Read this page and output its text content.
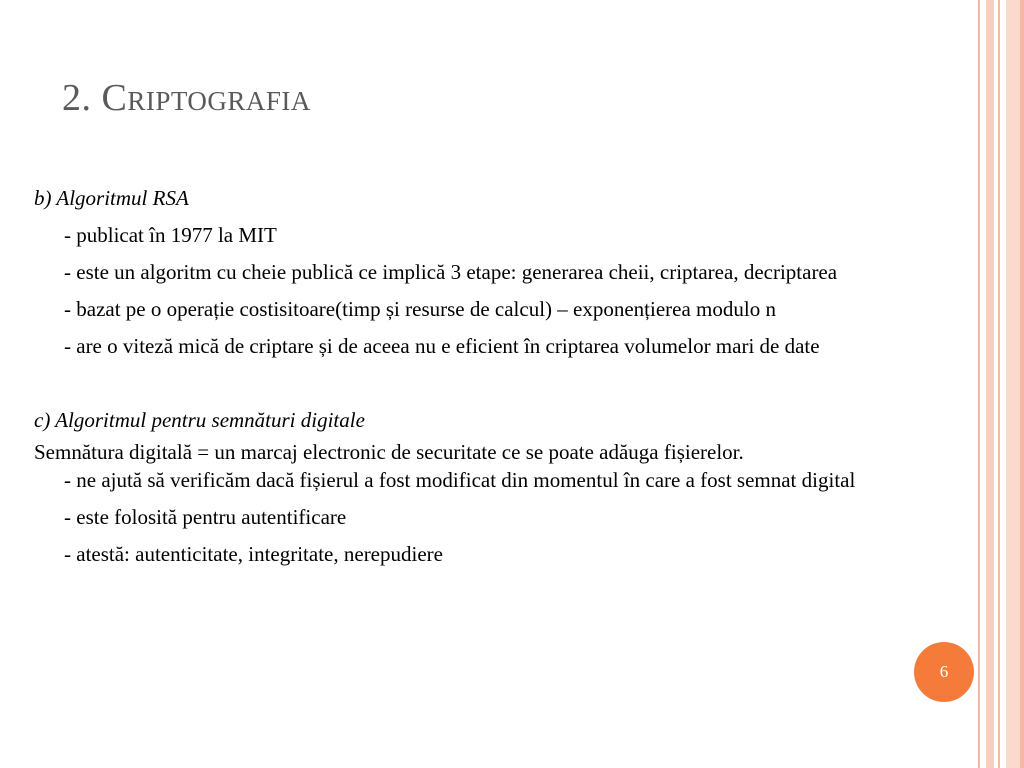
2. Criptografia
b) Algoritmul RSA
- publicat în 1977 la MIT
- este un algoritm cu cheie publică ce implică 3 etape: generarea cheii, criptarea, decriptarea
- bazat pe o operație costisitoare(timp și resurse de calcul) – exponențierea modulo n
- are o viteză mică de criptare și de aceea nu e eficient în criptarea volumelor mari de date
c) Algoritmul pentru semnături digitale
Semnătura digitală = un marcaj electronic de securitate ce se poate adăuga fișierelor.
- ne ajută să verificăm dacă fișierul a fost modificat din momentul în care a fost semnat digital
- este folosită pentru autentificare
- atestă: autenticitate, integritate, nerepudiere
6
